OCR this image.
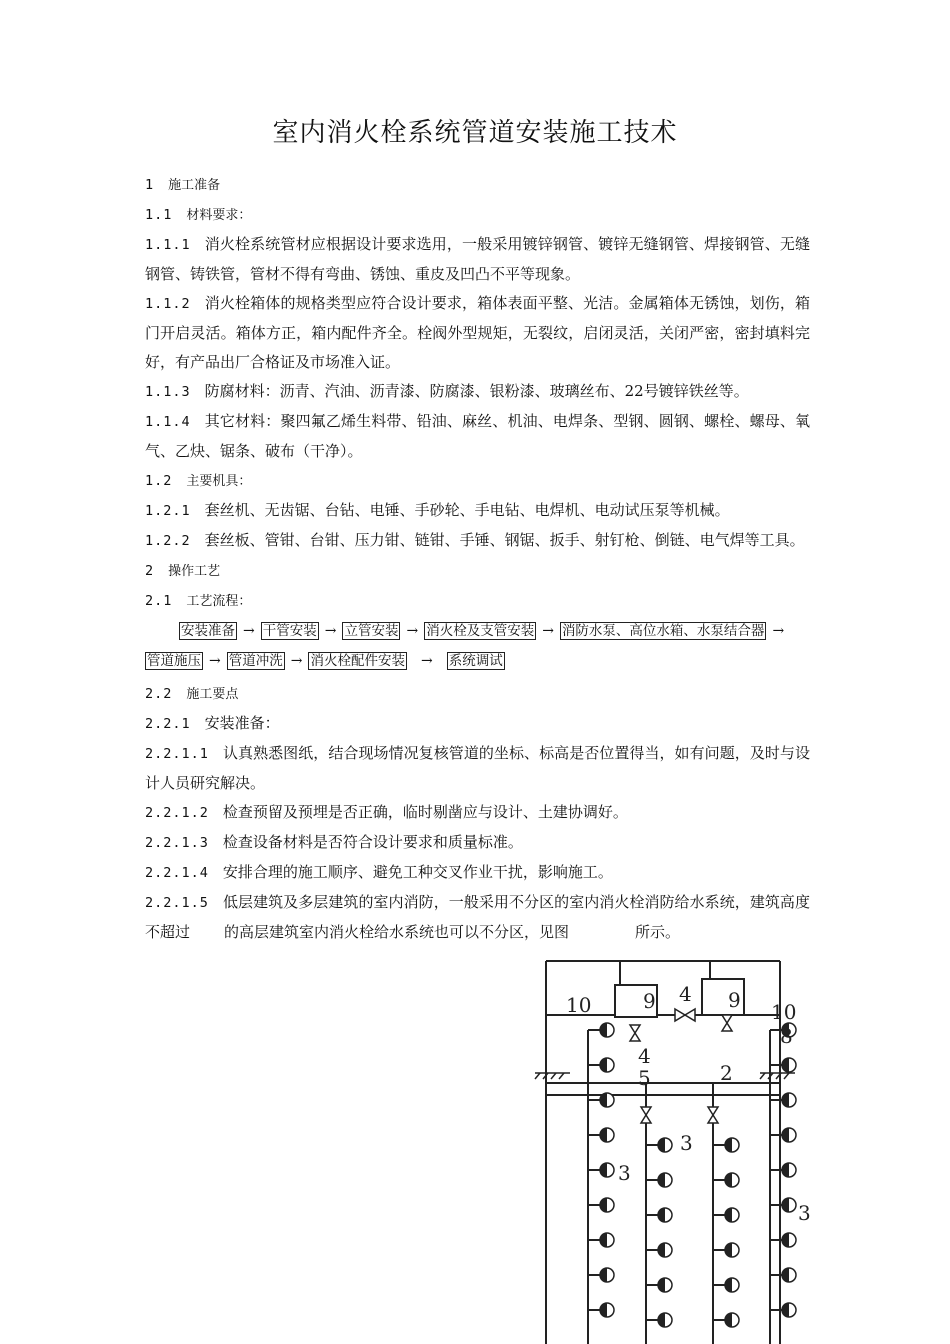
室内消火栓系统管道安装施工技术

1 施工准备

1.1 材料要求：

1.1.1 消火栓系统管材应根据设计要求选用，一般采用镀锌钢管、镀锌无缝钢管、焊接钢管、无缝钢管、铸铁管，管材不得有弯曲、锈蚀、重皮及凹凸不平等现象。

1.1.2 消火栓箱体的规格类型应符合设计要求，箱体表面平整、光洁。金属箱体无锈蚀，划伤，箱门开启灵活。箱体方正，箱内配件齐全。栓阀外型规矩，无裂纹，启闭灵活，关闭严密，密封填料完好，有产品出厂合格证及市场准入证。

1.1.3 防腐材料：沥青、汽油、沥青漆、防腐漆、银粉漆、玻璃丝布、22号镀锌铁丝等。

1.1.4 其它材料：聚四氟乙烯生料带、铅油、麻丝、机油、电焊条、型钢、圆钢、螺栓、螺母、氧气、乙炔、锯条、破布（干净）。

1.2 主要机具：

1.2.1 套丝机、无齿锯、台钻、电锤、手砂轮、手电钻、电焊机、电动试压泵等机械。

1.2.2 套丝板、管钳、台钳、压力钳、链钳、手锤、钢锯、扳手、射钉枪、倒链、电气焊等工具。

2 操作工艺

2.1 工艺流程：

安装准备 → 干管安装 → 立管安装 → 消火栓及支管安装 → 消防水泵、高位水箱、水泵结合器 →
管道施压 → 管道冲洗 → 消火栓配件安装 → 系统调试

2.2 施工要点

2.2.1 安装准备：

2.2.1.1 认真熟悉图纸，结合现场情况复核管道的坐标、标高是否位置得当，如有问题，及时与设计人员研究解决。

2.2.1.2 检查预留及预埋是否正确，临时剔凿应与设计、土建协调好。

2.2.1.3 检查设备材料是否符合设计要求和质量标准。

2.2.1.4 安排合理的施工顺序、避免工种交叉作业干扰，影响施工。

2.2.1.5 低层建筑及多层建筑的室内消防，一般采用不分区的室内消火栓消防给水系统，建筑高度不超过 的高层建筑室内消火栓给水系统也可以不分区，见图	所示。

10	9 4 9 10
8
4
5	2
3
3
3
